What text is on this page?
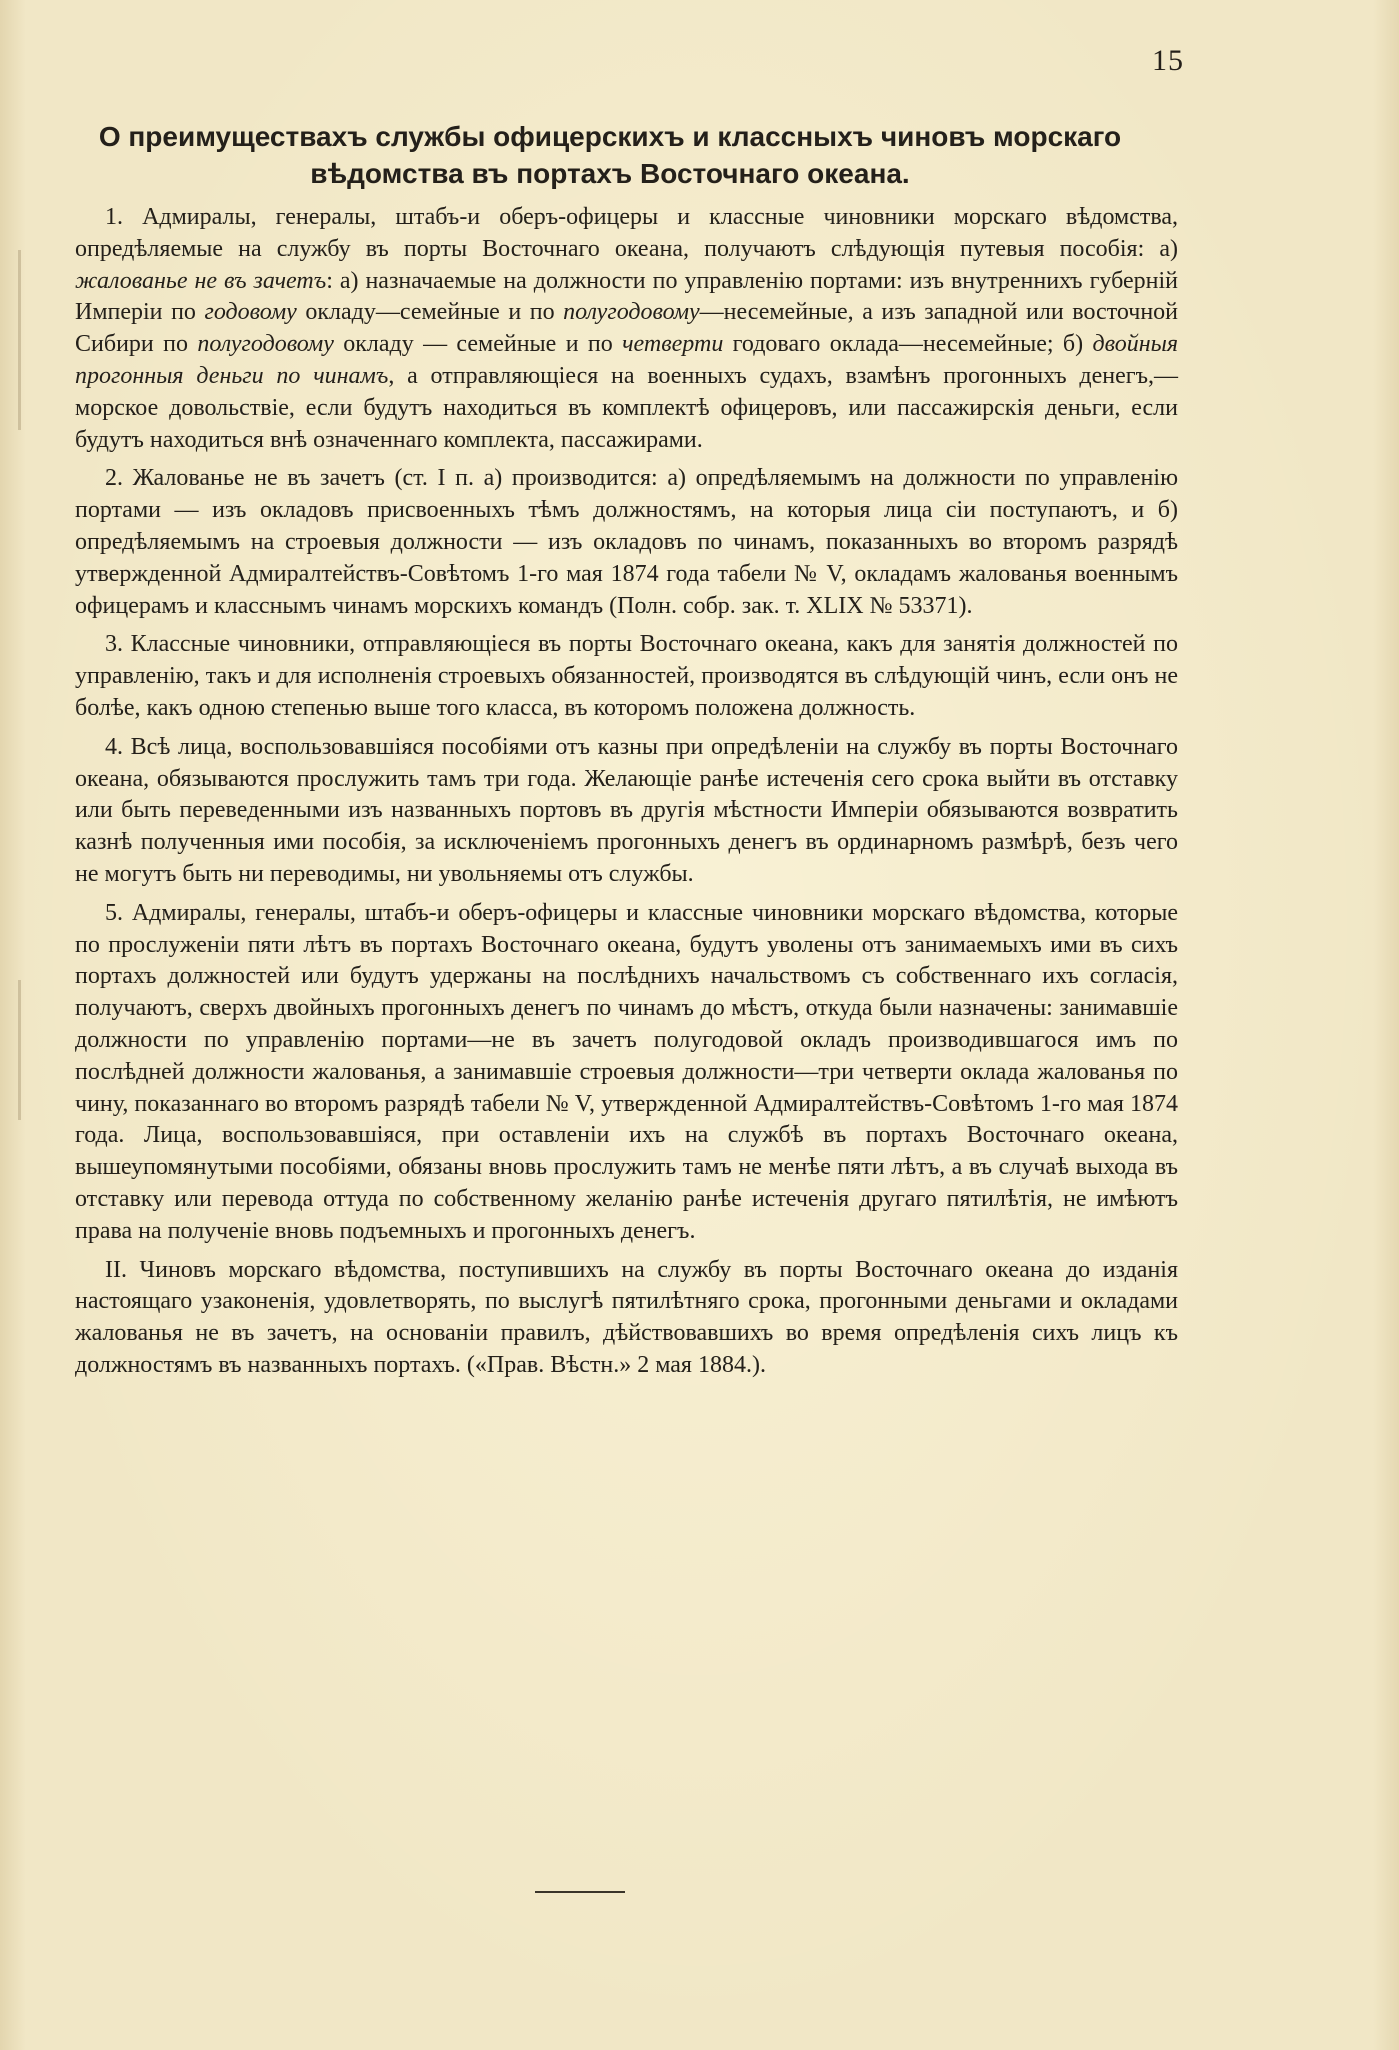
15
О преимуществахъ службы офицерскихъ и классныхъ чиновъ морскаго
вѣдомства въ портахъ Восточнаго океана.

1. Адмиралы, генералы, штабъ-и оберъ-офицеры и классные чиновники морскаго вѣдомства, опредѣляемые на службу въ порты Восточнаго океана, получаютъ слѣдующія путевыя пособія: а) жалованье не въ зачетъ: а) назначаемые на должности по управленію портами: изъ внутреннихъ губерній Имперіи по годовому окладу—семейные и по полугодовому—несемейные, а изъ западной или восточной Сибири по полугодовому окладу — семейные и по четверти годоваго оклада—несемейные; б) двойныя прогонныя деньги по чинамъ, а отправляющіеся на военныхъ судахъ, взамѣнъ прогонныхъ денегъ,—морское довольствіе, если будутъ находиться въ комплектѣ офицеровъ, или пассажирскія деньги, если будутъ находиться внѣ означеннаго комплекта, пассажирами.

2. Жалованье не въ зачетъ (ст. I п. а) производится: а) опредѣляемымъ на должности по управленію портами — изъ окладовъ присвоенныхъ тѣмъ должностямъ, на которыя лица сіи поступаютъ, и б) опредѣляемымъ на строевыя должности — изъ окладовъ по чинамъ, показанныхъ во второмъ разрядѣ утвержденной Адмиралтействъ-Совѣтомъ 1-го мая 1874 года табели № V, окладамъ жалованья военнымъ офицерамъ и класснымъ чинамъ морскихъ командъ (Полн. собр. зак. т. XLIX № 53371).

3. Классные чиновники, отправляющіеся въ порты Восточнаго океана, какъ для занятія должностей по управленію, такъ и для исполненія строевыхъ обязанностей, производятся въ слѣдующій чинъ, если онъ не болѣе, какъ одною степенью выше того класса, въ которомъ положена должность.

4. Всѣ лица, воспользовавшіяся пособіями отъ казны при опредѣленіи на службу въ порты Восточнаго океана, обязываются прослужить тамъ три года. Желающіе ранѣе истеченія сего срока выйти въ отставку или быть переведенными изъ названныхъ портовъ въ другія мѣстности Имперіи обязываются возвратить казнѣ полученныя ими пособія, за исключеніемъ прогонныхъ денегъ въ ординарномъ размѣрѣ, безъ чего не могутъ быть ни переводимы, ни увольняемы отъ службы.

5. Адмиралы, генералы, штабъ-и оберъ-офицеры и классные чиновники морскаго вѣдомства, которые по прослуженіи пяти лѣтъ въ портахъ Восточнаго океана, будутъ уволены отъ занимаемыхъ ими въ сихъ портахъ должностей или будутъ удержаны на послѣднихъ начальствомъ съ собственнаго ихъ согласія, получаютъ, сверхъ двойныхъ прогонныхъ денегъ по чинамъ до мѣстъ, откуда были назначены: занимавшіе должности по управленію портами—не въ зачетъ полугодовой окладъ производившагося имъ по послѣдней должности жалованья, а занимавшіе строевыя должности—три четверти оклада жалованья по чину, показаннаго во второмъ разрядѣ табели № V, утвержденной Адмиралтействъ-Совѣтомъ 1-го мая 1874 года. Лица, воспользовавшіяся, при оставленіи ихъ на службѣ въ портахъ Восточнаго океана, вышеупомянутыми пособіями, обязаны вновь прослужить тамъ не менѣе пяти лѣтъ, а въ случаѣ выхода въ отставку или перевода оттуда по собственному желанію ранѣе истеченія другаго пятилѣтія, не имѣютъ права на полученіе вновь подъемныхъ и прогонныхъ денегъ.

II. Чиновъ морскаго вѣдомства, поступившихъ на службу въ порты Восточнаго океана до изданія настоящаго узаконенія, удовлетворять, по выслугѣ пятилѣтняго срока, прогонными деньгами и окладами жалованья не въ зачетъ, на основаніи правилъ, дѣйствовавшихъ во время опредѣленія сихъ лицъ къ должностямъ въ названныхъ портахъ. («Прав. Вѣстн.» 2 мая 1884.).
